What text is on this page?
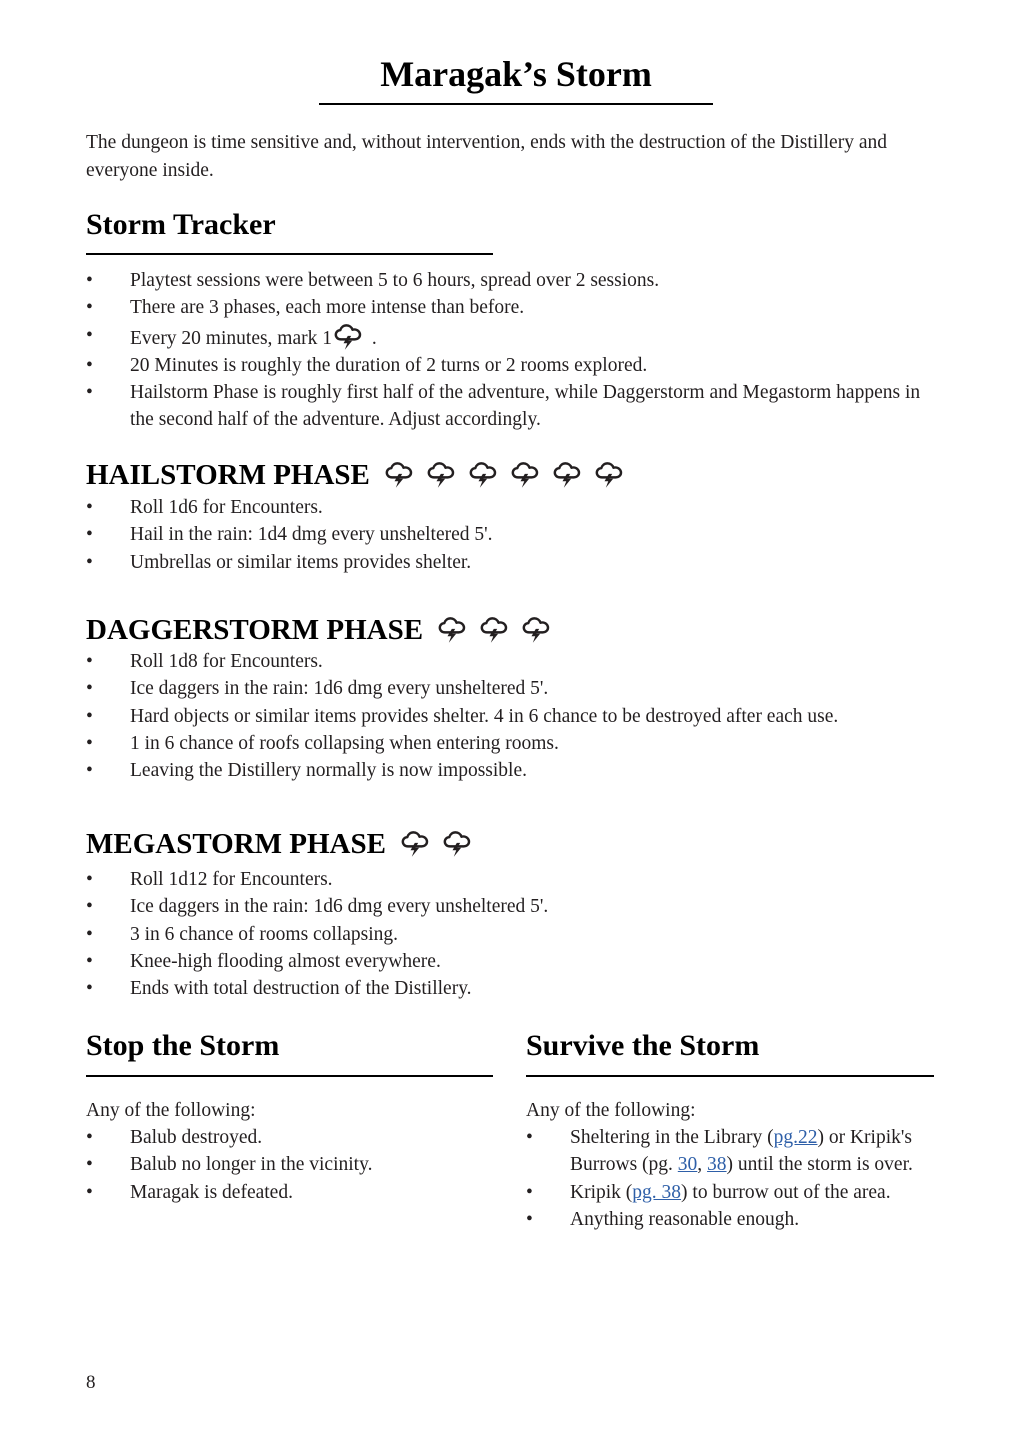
Maragak’s Storm

The dungeon is time sensitive and, without intervention, ends with the destruction of the Distillery and everyone inside.

Storm Tracker
• Playtest sessions were between 5 to 6 hours, spread over 2 sessions.
• There are 3 phases, each more intense than before.
• Every 20 minutes, mark 1
.
• 20 Minutes is roughly the duration of 2 turns or 2 rooms explored.
• Hailstorm Phase is roughly first half of the adventure, while Daggerstorm and Megastorm happens in the second half of the adventure. Adjust accordingly.
HAILSTORM PHASE
• Roll 1d6 for Encounters.
• Hail in the rain: 1d4 dmg every unsheltered 5'.
• Umbrellas or similar items provides shelter.
DAGGERSTORM PHASE
• Roll 1d8 for Encounters.
• Ice daggers in the rain: 1d6 dmg every unsheltered 5'.
• Hard objects or similar items provides shelter. 4 in 6 chance to be destroyed after each use.
• 1 in 6 chance of roofs collapsing when entering rooms.
• Leaving the Distillery normally is now impossible.
MEGASTORM PHASE
• Roll 1d12 for Encounters.
• Ice daggers in the rain: 1d6 dmg every unsheltered 5'.
• 3 in 6 chance of rooms collapsing.
• Knee-high flooding almost everywhere.
• Ends with total destruction of the Distillery.
Stop the Storm

Any of the following:

• Balub destroyed.
• Balub no longer in the vicinity.
• Maragak is defeated.
Survive the Storm

Any of the following:

• Sheltering in the Library (pg.22) or Kripik's Burrows (pg. 30, 38) until the storm is over.
• Kripik (pg. 38) to burrow out of the area.
• Anything reasonable enough.
8
